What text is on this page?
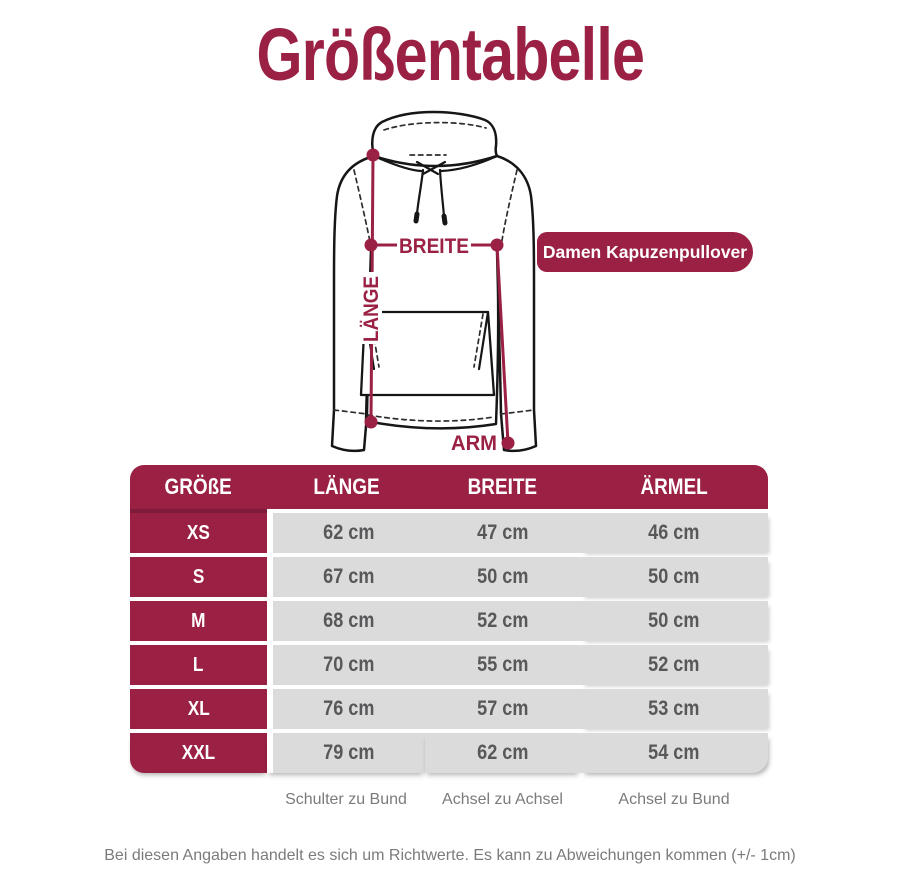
Größentabelle
BREITE
LÄNGE
ARM
Damen Kapuzenpullover
GRÖßE	LÄNGE	BREITE	ÄRMEL
XS	62 cm	47 cm	46 cm
S	67 cm	50 cm	50 cm
M	68 cm	52 cm	50 cm
L	70 cm	55 cm	52 cm
XL	76 cm	57 cm	53 cm
XXL	79 cm	62 cm	54 cm
Schulter zu Bund	Achsel zu Achsel	Achsel zu Bund
Bei diesen Angaben handelt es sich um Richtwerte. Es kann zu Abweichungen kommen (+/- 1cm)
